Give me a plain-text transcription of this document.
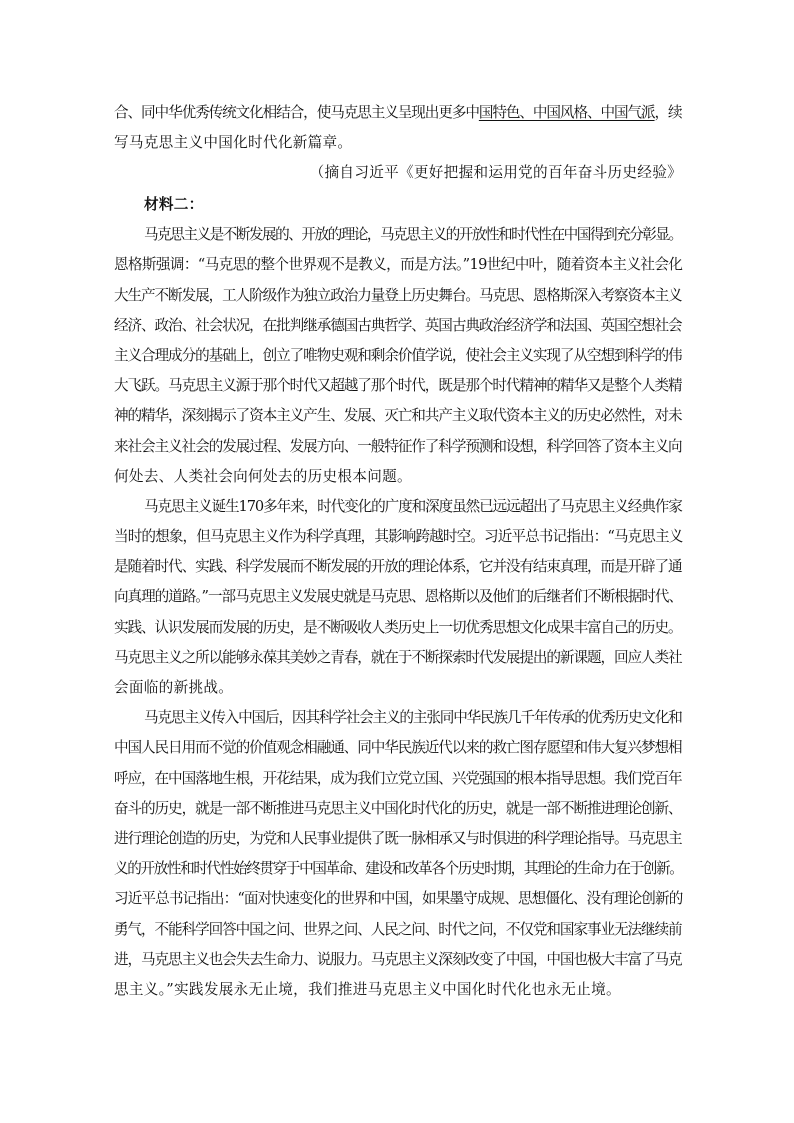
合、同中华优秀传统文化相结合，使马克思主义呈现出更多中国特色、中国风格、中国气派，续
写马克思主义中国化时代化新篇章。
（摘自习近平《更好把握和运用党的百年奋斗历史经验》
材料二：
马克思主义是不断发展的、开放的理论，马克思主义的开放性和时代性在中国得到充分彰显。
恩格斯强调：“马克思的整个世界观不是教义，而是方法。”19世纪中叶，随着资本主义社会化
大生产不断发展，工人阶级作为独立政治力量登上历史舞台。马克思、恩格斯深入考察资本主义
经济、政治、社会状况，在批判继承德国古典哲学、英国古典政治经济学和法国、英国空想社会
主义合理成分的基础上，创立了唯物史观和剩余价值学说，使社会主义实现了从空想到科学的伟
大飞跃。马克思主义源于那个时代又超越了那个时代，既是那个时代精神的精华又是整个人类精
神的精华，深刻揭示了资本主义产生、发展、灭亡和共产主义取代资本主义的历史必然性，对未
来社会主义社会的发展过程、发展方向、一般特征作了科学预测和设想，科学回答了资本主义向
何处去、人类社会向何处去的历史根本问题。
马克思主义诞生170多年来，时代变化的广度和深度虽然已远远超出了马克思主义经典作家
当时的想象，但马克思主义作为科学真理，其影响跨越时空。习近平总书记指出：“马克思主义
是随着时代、实践、科学发展而不断发展的开放的理论体系，它并没有结束真理，而是开辟了通
向真理的道路。”一部马克思主义发展史就是马克思、恩格斯以及他们的后继者们不断根据时代、
实践、认识发展而发展的历史，是不断吸收人类历史上一切优秀思想文化成果丰富自己的历史。
马克思主义之所以能够永葆其美妙之青春，就在于不断探索时代发展提出的新课题，回应人类社
会面临的新挑战。
马克思主义传入中国后，因其科学社会主义的主张同中华民族几千年传承的优秀历史文化和
中国人民日用而不觉的价值观念相融通、同中华民族近代以来的救亡图存愿望和伟大复兴梦想相
呼应，在中国落地生根，开花结果，成为我们立党立国、兴党强国的根本指导思想。我们党百年
奋斗的历史，就是一部不断推进马克思主义中国化时代化的历史，就是一部不断推进理论创新、
进行理论创造的历史，为党和人民事业提供了既一脉相承又与时俱进的科学理论指导。马克思主
义的开放性和时代性始终贯穿于中国革命、建设和改革各个历史时期，其理论的生命力在于创新。
习近平总书记指出：“面对快速变化的世界和中国，如果墨守成规、思想僵化、没有理论创新的
勇气，不能科学回答中国之问、世界之问、人民之问、时代之问，不仅党和国家事业无法继续前
进，马克思主义也会失去生命力、说服力。马克思主义深刻改变了中国，中国也极大丰富了马克
思主义。”实践发展永无止境，我们推进马克思主义中国化时代化也永无止境。
